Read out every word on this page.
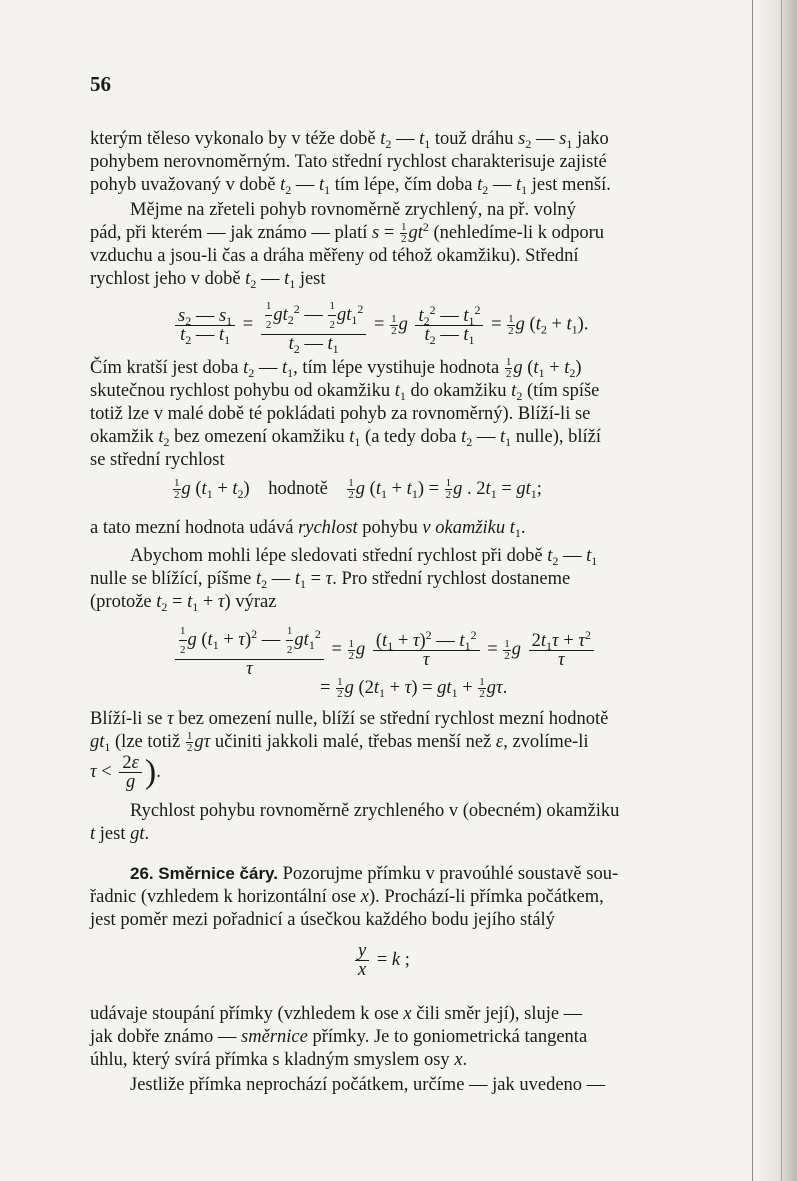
56
kterým těleso vykonalo by v téže době $t_2$ — $t_1$ touž dráhu $s_2$ — $s_1$ jako
pohybem nerovnoměrným. Tato střední rychlost charakterisuje zajisté
pohyb uvažovaný v době $t_2$ — $t_1$ tím lépe, čím doba $t_2$ — $t_1$ jest menší.
Mějme na zřeteli pohyb rovnoměrně zrychlený, na př. volný
pád, při kterém — jak známo — platí $s = \frac{1}{2} gt^2$ (nehledíme-li k odporu
vzduchu a jsou-li čas a dráha měřeny od téhož okamžiku). Střední
rychlost jeho v době $t_2$ — $t_1$ jest
$\frac{s_2 — s_1}{t_2 — t_1} = \frac{\frac{1}{2} gt_2^2 — \frac{1}{2} gt_1^2}{t_2 — t_1} = \frac{1}{2}$ g $\frac{t_2^2 — t_1^2}{t_2 — t_1} = \frac{1}{2}$ g $(t_2 + t_1)$.
Čím kratší jest doba $t_2$ — $t_1$, tím lépe vystihuje hodnota $\frac{1}{2}$ g $(t_1 + t_2)$
skutečnou rychlost pohybu od okamžiku $t_1$ do okamžiku $t_2$ (tím spíše
totiž lze v malé době té pokládati pohyb za rovnoměrný). Blíží-li se
okamžik $t_2$ bez omezení okamžiku $t_1$ (a tedy doba $t_2$ — $t_1$ nulle), blíží
se střední rychlost
$\frac{1}{2}$ g $(t_1 + t_2)$    hodnotě $\frac{1}{2}$ g $(t_1 + t_1) = \frac{1}{2}$ g . $2t_1 = gt_1$;
a tato mezní hodnota udává rychlost pohybu v okamžiku $t_1$.
Abychom mohli lépe sledovati střední rychlost při době $t_2$ — $t_1$
nulle se blížící, píšme $t_2$ — $t_1 = \tau$. Pro střední rychlost dostaneme
(protože $t_2 = t_1 + \tau$) výraz
$\frac{\frac{1}{2} g (t_1 + \tau)^2 — \frac{1}{2} gt_1^2}{\tau} = \frac{1}{2}$ g $\frac{(t_1 + \tau)^2 — t_1^2}{\tau} = \frac{1}{2}$ g $\frac{2t_1\tau + \tau^2}{\tau}$
= $\frac{1}{2}$ g $(2t_1 + \tau) = gt_1 + \frac{1}{2} g\tau$.
Blíží-li se τ bez omezení nulle, blíží se střední rychlost mezní hodnotě
$gt_1$ (lze totiž $\frac{1}{2}$ gτ učiniti jakkoli malé, třebas menší než ε, zvolíme-li
$\tau < \frac{2\varepsilon}{g}$ ).
Rychlost pohybu rovnoměrně zrychleného v (obecném) okamžiku
t jest gt.
26. Směrnice čáry. Pozorujme přímku v pravoúhlé soustavě sou-
řadnic (vzhledem k horizontální ose x). Prochází-li přímka počátkem,
jest poměr mezi pořadnicí a úsečkou každého bodu jejího stálý
$\frac{y}{x} = k$ ;
udávaje stoupání přímky (vzhledem k ose x čili směr její), sluje —
jak dobře známo — směrnice přímky. Je to goniometrická tangenta
úhlu, který svírá přímka s kladným smyslem osy x.
Jestliže přímka neprochází počátkem, určíme — jak uvedeno —
